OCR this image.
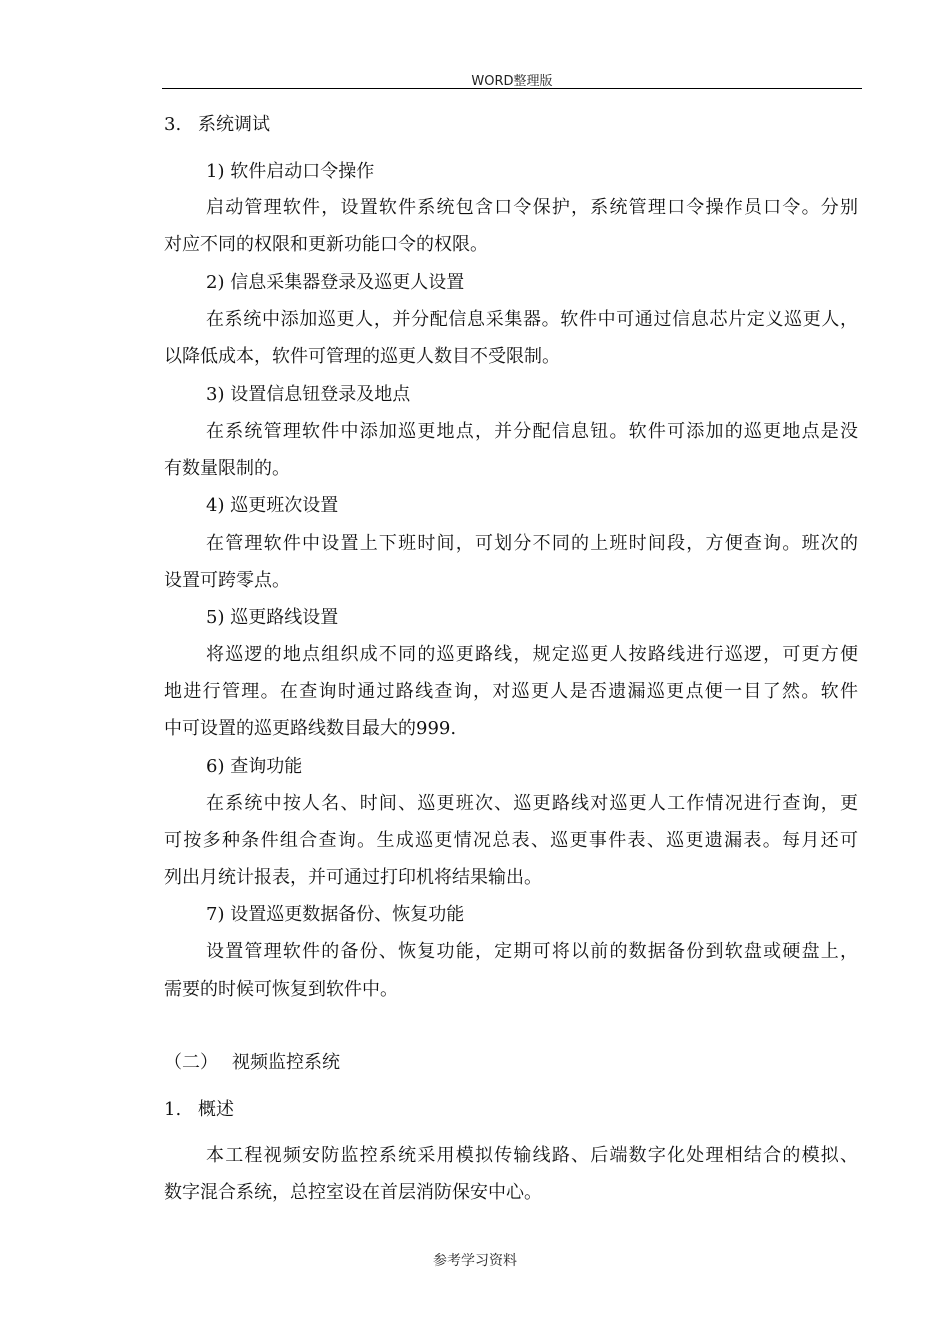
WORD整理版
3. 系统调试
1) 软件启动口令操作
启动管理软件，设置软件系统包含口令保护，系统管理口令操作员口令。分别
对应不同的权限和更新功能口令的权限。
2) 信息采集器登录及巡更人设置
在系统中添加巡更人，并分配信息采集器。软件中可通过信息芯片定义巡更人，
以降低成本，软件可管理的巡更人数目不受限制。
3) 设置信息钮登录及地点
在系统管理软件中添加巡更地点，并分配信息钮。软件可添加的巡更地点是没
有数量限制的。
4) 巡更班次设置
在管理软件中设置上下班时间，可划分不同的上班时间段，方便查询。班次的
设置可跨零点。
5) 巡更路线设置
将巡逻的地点组织成不同的巡更路线，规定巡更人按路线进行巡逻，可更方便
地进行管理。在查询时通过路线查询，对巡更人是否遗漏巡更点便一目了然。软件
中可设置的巡更路线数目最大的999.
6) 查询功能
在系统中按人名、时间、巡更班次、巡更路线对巡更人工作情况进行查询，更
可按多种条件组合查询。生成巡更情况总表、巡更事件表、巡更遗漏表。每月还可
列出月统计报表，并可通过打印机将结果输出。
7) 设置巡更数据备份、恢复功能
设置管理软件的备份、恢复功能，定期可将以前的数据备份到软盘或硬盘上，
需要的时候可恢复到软件中。
（二） 视频监控系统
1. 概述
本工程视频安防监控系统采用模拟传输线路、后端数字化处理相结合的模拟、
数字混合系统，总控室设在首层消防保安中心。
参考学习资料
